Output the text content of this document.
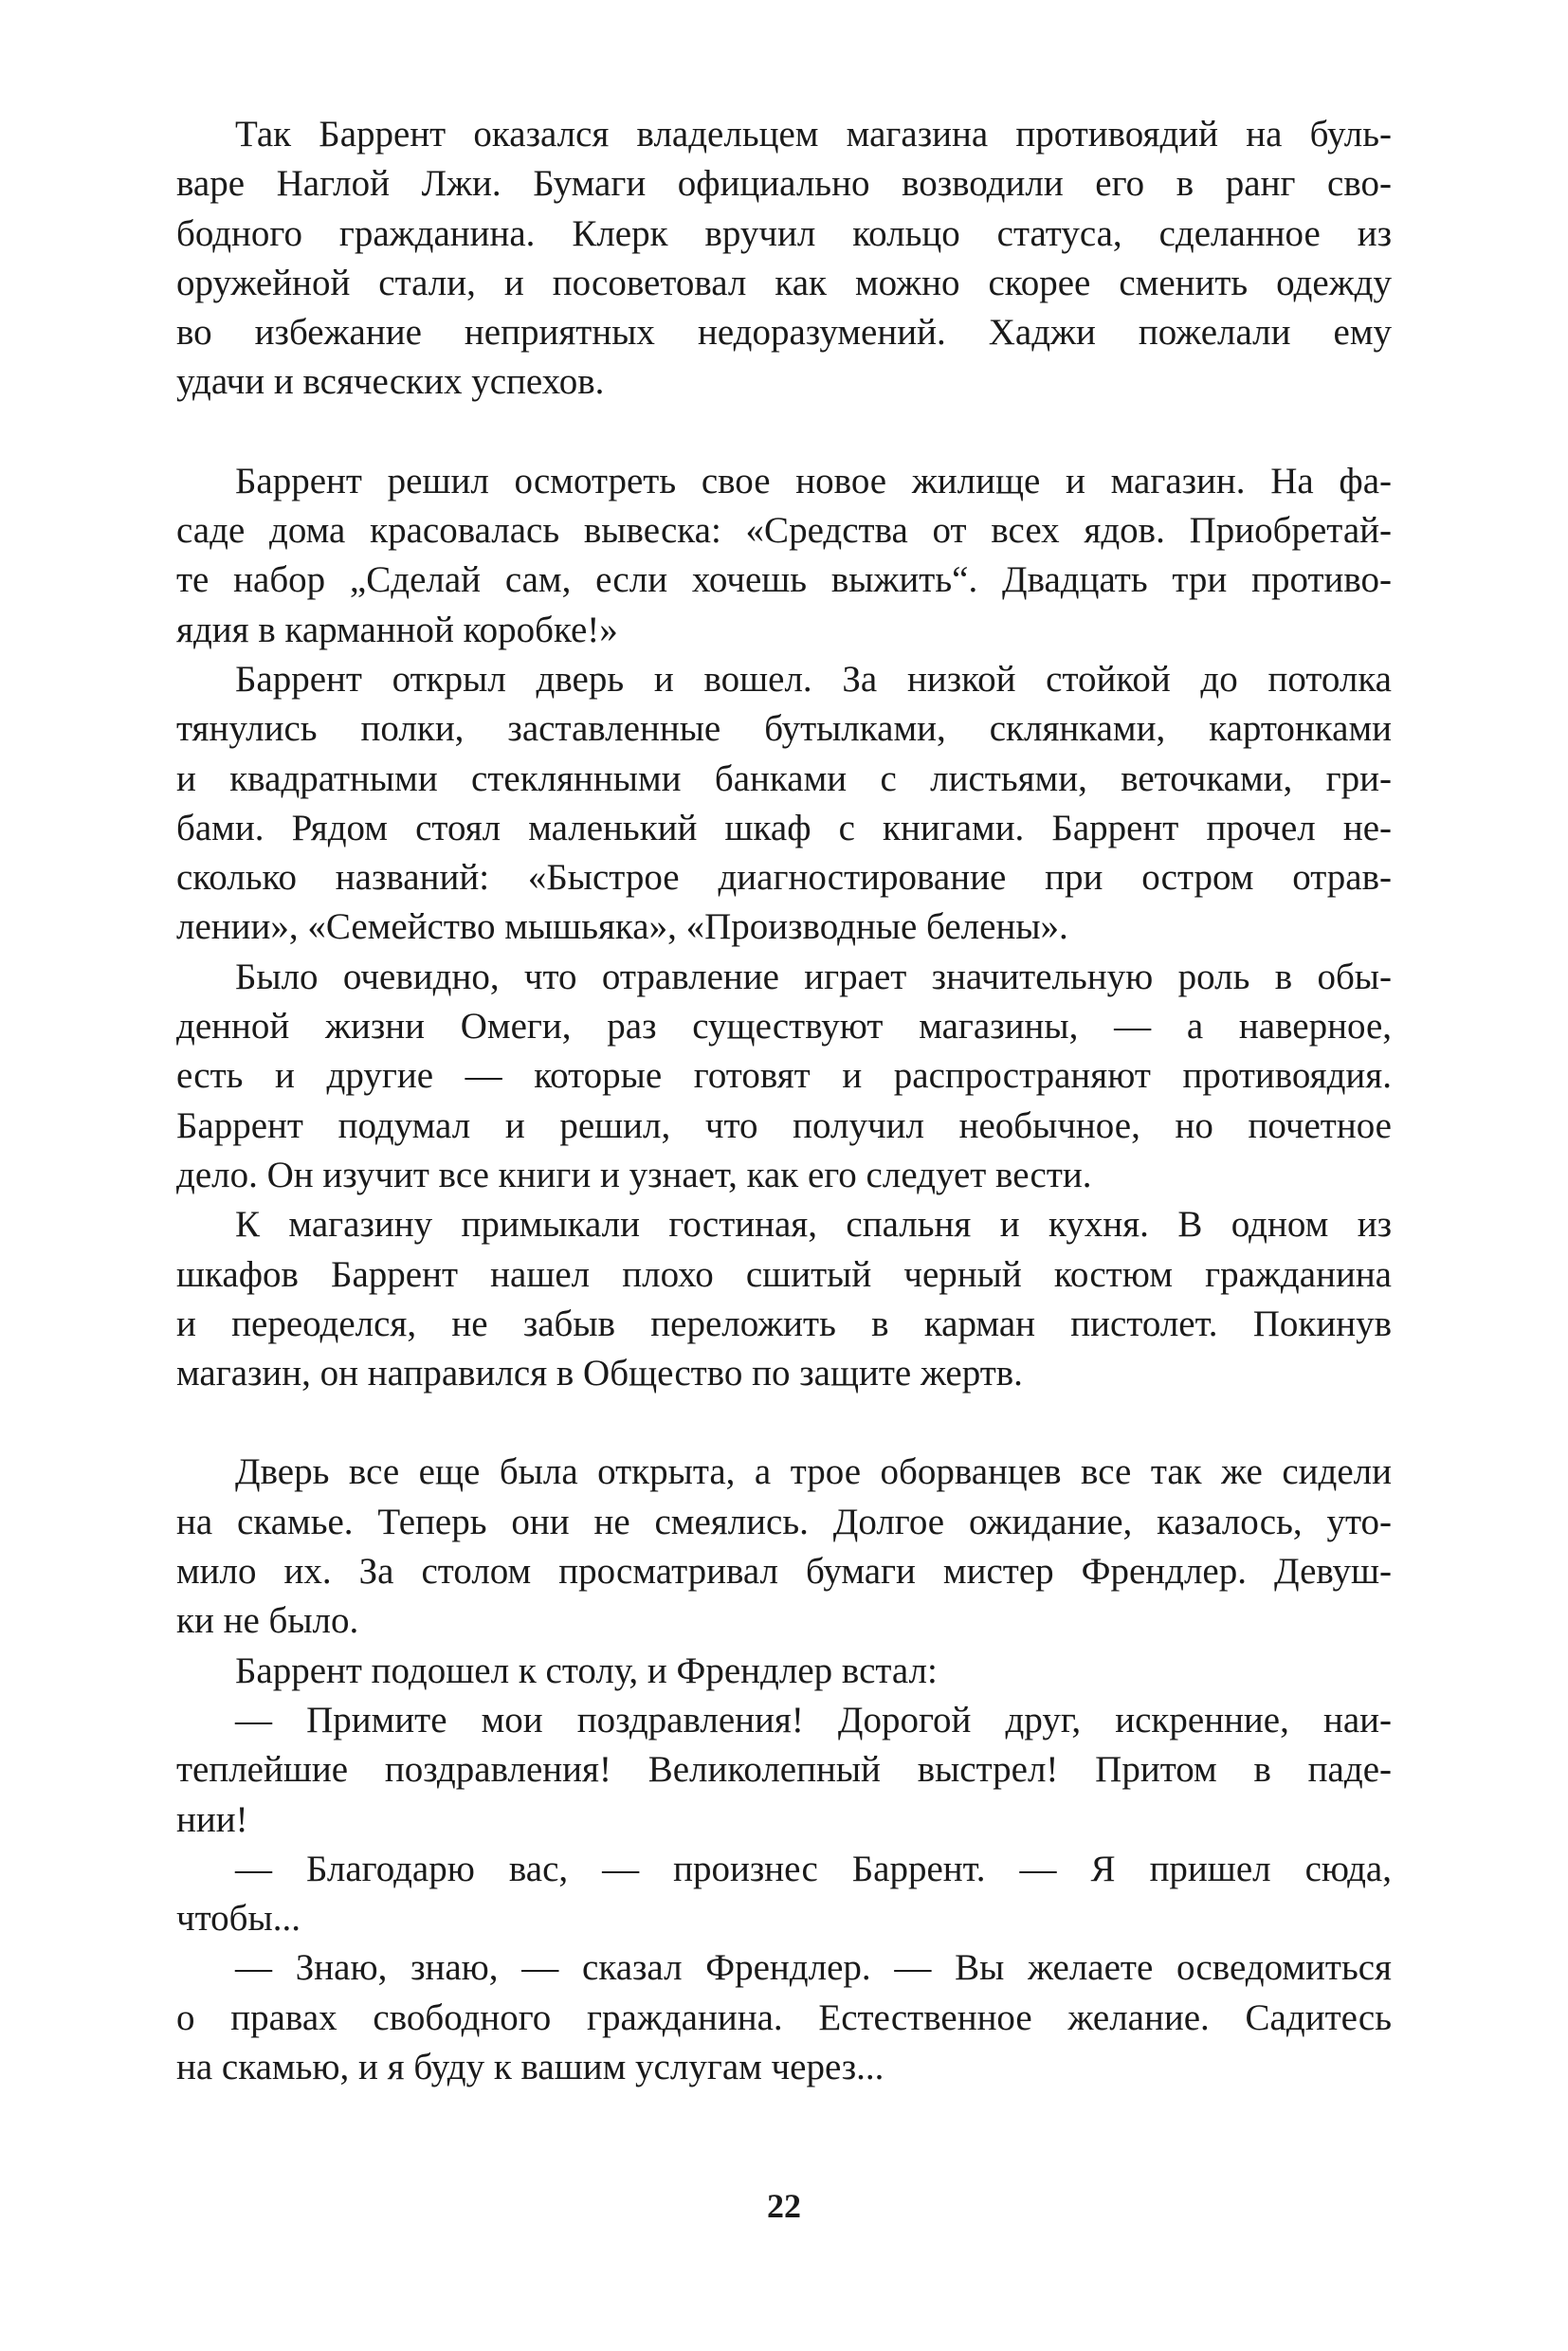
Так Баррент оказался владельцем магазина противоядий на буль-
варе Наглой Лжи. Бумаги официально возводили его в ранг сво-
бодного гражданина. Клерк вручил кольцо статуса, сделанное из
оружейной стали, и посоветовал как можно скорее сменить одежду
во избежание неприятных недоразумений. Хаджи пожелали ему
удачи и всяческих успехов.
Баррент решил осмотреть свое новое жилище и магазин. На фа-
саде дома красовалась вывеска: «Средства от всех ядов. Приобретай-
те набор „Сделай сам, если хочешь выжить“. Двадцать три противо-
ядия в карманной коробке!»
Баррент открыл дверь и вошел. За низкой стойкой до потолка
тянулись полки, заставленные бутылками, склянками, картонками
и квадратными стеклянными банками с листьями, веточками, гри-
бами. Рядом стоял маленький шкаф с книгами. Баррент прочел не-
сколько названий: «Быстрое диагностирование при остром отрав-
лении», «Семейство мышьяка», «Производные белены».
Было очевидно, что отравление играет значительную роль в обы-
денной жизни Омеги, раз существуют магазины, — а наверное,
есть и другие — которые готовят и распространяют противоядия.
Баррент подумал и решил, что получил необычное, но почетное
дело. Он изучит все книги и узнает, как его следует вести.
К магазину примыкали гостиная, спальня и кухня. В одном из
шкафов Баррент нашел плохо сшитый черный костюм гражданина
и переоделся, не забыв переложить в карман пистолет. Покинув
магазин, он направился в Общество по защите жертв.
Дверь все еще была открыта, а трое оборванцев все так же сидели
на скамье. Теперь они не смеялись. Долгое ожидание, казалось, уто-
мило их. За столом просматривал бумаги мистер Френдлер. Девуш-
ки не было.
Баррент подошел к столу, и Френдлер встал:
— Примите мои поздравления! Дорогой друг, искренние, наи-
теплейшие поздравления! Великолепный выстрел! Притом в паде-
нии!
— Благодарю вас, — произнес Баррент. — Я пришел сюда,
чтобы...
— Знаю, знаю, — сказал Френдлер. — Вы желаете осведомиться
о правах свободного гражданина. Естественное желание. Садитесь
на скамью, и я буду к вашим услугам через...
22
